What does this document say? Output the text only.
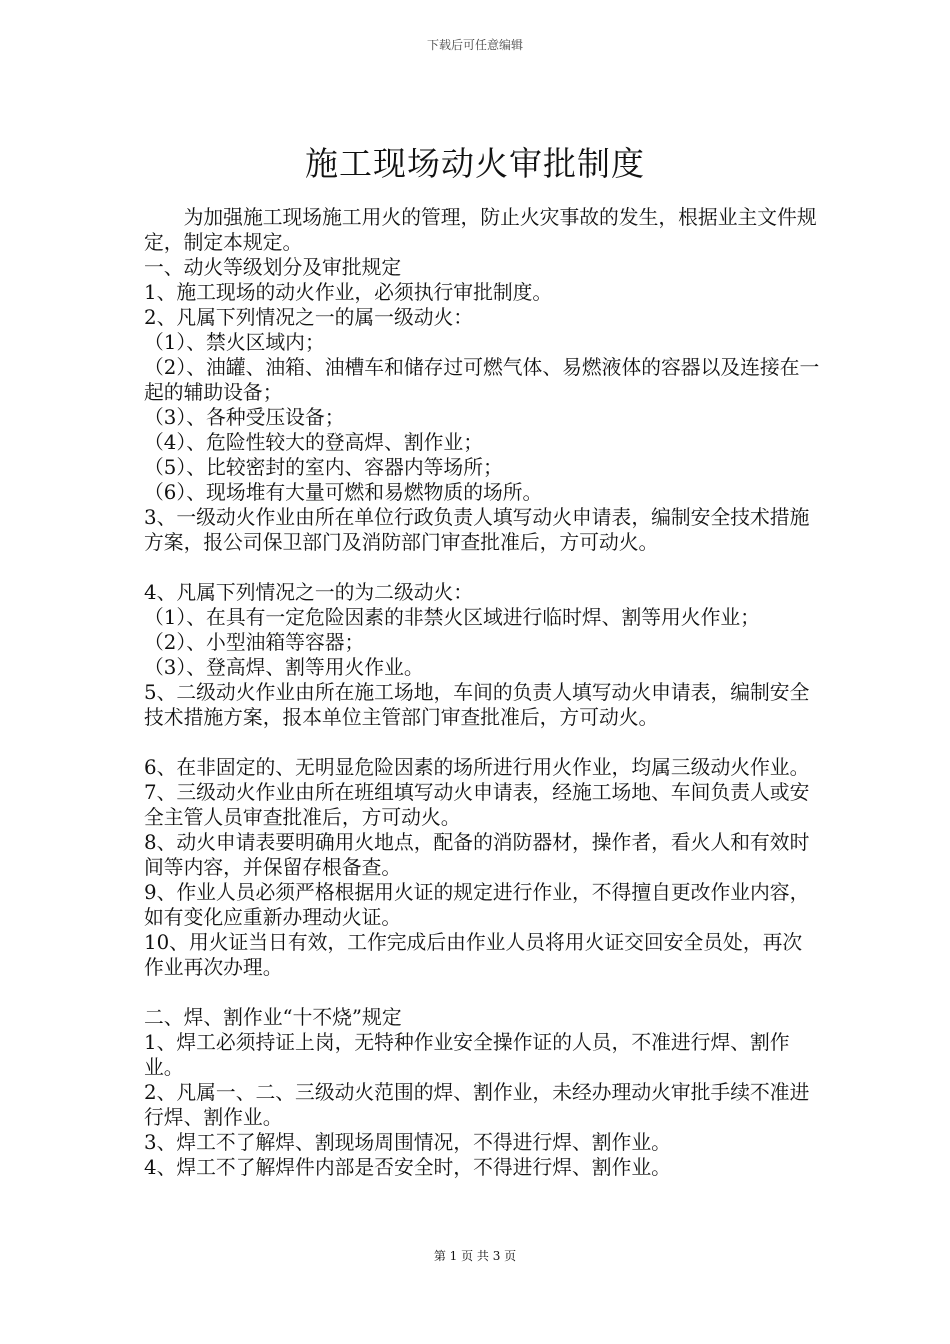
下载后可任意编辑
施工现场动火审批制度
为加强施工现场施工用火的管理，防止火灾事故的发生，根据业主文件规定，制定本规定。
一、动火等级划分及审批规定
1、施工现场的动火作业，必须执行审批制度。
2、凡属下列情况之一的属一级动火：
（1）、禁火区域内；
（2）、油罐、油箱、油槽车和储存过可燃气体、易燃液体的容器以及连接在一起的辅助设备；
（3）、各种受压设备；
（4）、危险性较大的登高焊、割作业；
（5）、比较密封的室内、容器内等场所；
（6）、现场堆有大量可燃和易燃物质的场所。
3、一级动火作业由所在单位行政负责人填写动火申请表，编制安全技术措施方案，报公司保卫部门及消防部门审查批准后，方可动火。
4、凡属下列情况之一的为二级动火：
（1）、在具有一定危险因素的非禁火区域进行临时焊、割等用火作业；
（2）、小型油箱等容器；
（3）、登高焊、割等用火作业。
5、二级动火作业由所在施工场地，车间的负责人填写动火申请表，编制安全技术措施方案，报本单位主管部门审查批准后，方可动火。
6、在非固定的、无明显危险因素的场所进行用火作业，均属三级动火作业。
7、三级动火作业由所在班组填写动火申请表，经施工场地、车间负责人或安全主管人员审查批准后，方可动火。
8、动火申请表要明确用火地点，配备的消防器材，操作者，看火人和有效时间等内容，并保留存根备查。
9、作业人员必须严格根据用火证的规定进行作业，不得擅自更改作业内容，如有变化应重新办理动火证。
10、用火证当日有效，工作完成后由作业人员将用火证交回安全员处，再次作业再次办理。
二、焊、割作业“十不烧”规定
1、焊工必须持证上岗，无特种作业安全操作证的人员，不准进行焊、割作业。
2、凡属一、二、三级动火范围的焊、割作业，未经办理动火审批手续不准进行焊、割作业。
3、焊工不了解焊、割现场周围情况，不得进行焊、割作业。
4、焊工不了解焊件内部是否安全时，不得进行焊、割作业。
第 1 页 共 3 页
